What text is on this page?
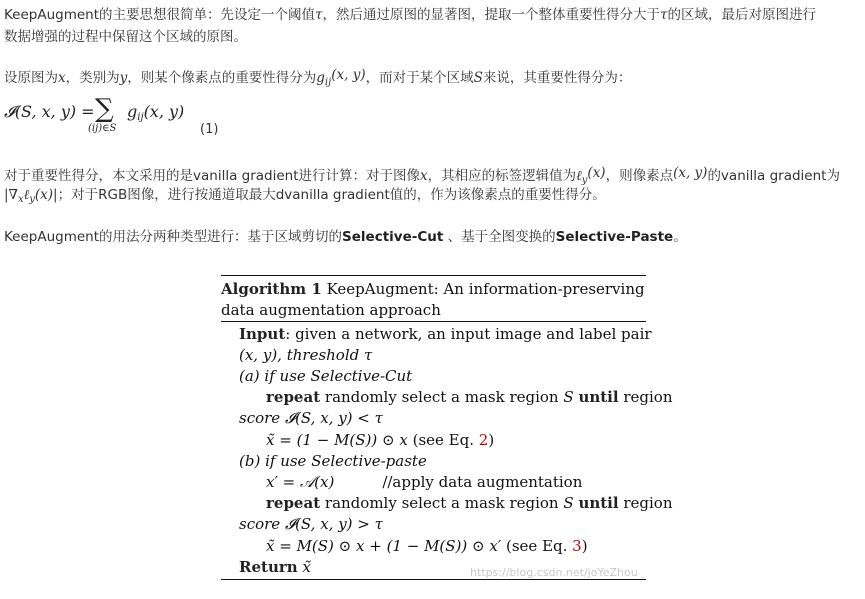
KeepAugment的主要思想很简单：先设定一个阈值τ，然后通过原图的显著图，提取一个整体重要性得分大于τ的区域，最后对原图进行
数据增强的过程中保留这个区域的原图。
设原图为x，类别为y，则某个像素点的重要性得分为$g_{ij}(x$, y)，而对于某个区域S来说，其重要性得分为：
𝓘(S, x, y) = ∑
(ij)∈S
$g_{ij}(x$, y)
(1)
对于重要性得分，本文采用的是vanilla gradient进行计算：对于图像x，其相应的标签逻辑值为ℓ$_y$(x)，则像素点(x, y)的vanilla gradient为
$|\nabla_x\ell_y(x)|$；对于RGB图像，进行按通道取最大dvanilla gradient值的，作为该像素点的重要性得分。
KeepAugment的用法分两种类型进行：基于区域剪切的Selective-Cut 、基于全图变换的Selective-Paste。
Algorithm 1 KeepAugment: An information-preserving
data augmentation approach
Input: given a network, an input image and label pair
(x, y), threshold τ
(a) if use Selective-Cut
repeat randomly select a mask region S until region
score 𝓘(S, x, y) < τ
x̃ = (1 − M(S)) ⊙ x (see Eq. 2)
(b) if use Selective-paste
x′ = 𝒜(x)	//apply data augmentation
repeat randomly select a mask region S until region
score 𝓘(S, x, y) > τ
x̃ = M(S) ⊙ x + (1 − M(S)) ⊙ x′ (see Eq. 3)
Return x̃	https://blog.csdn.net/joYeZhou
